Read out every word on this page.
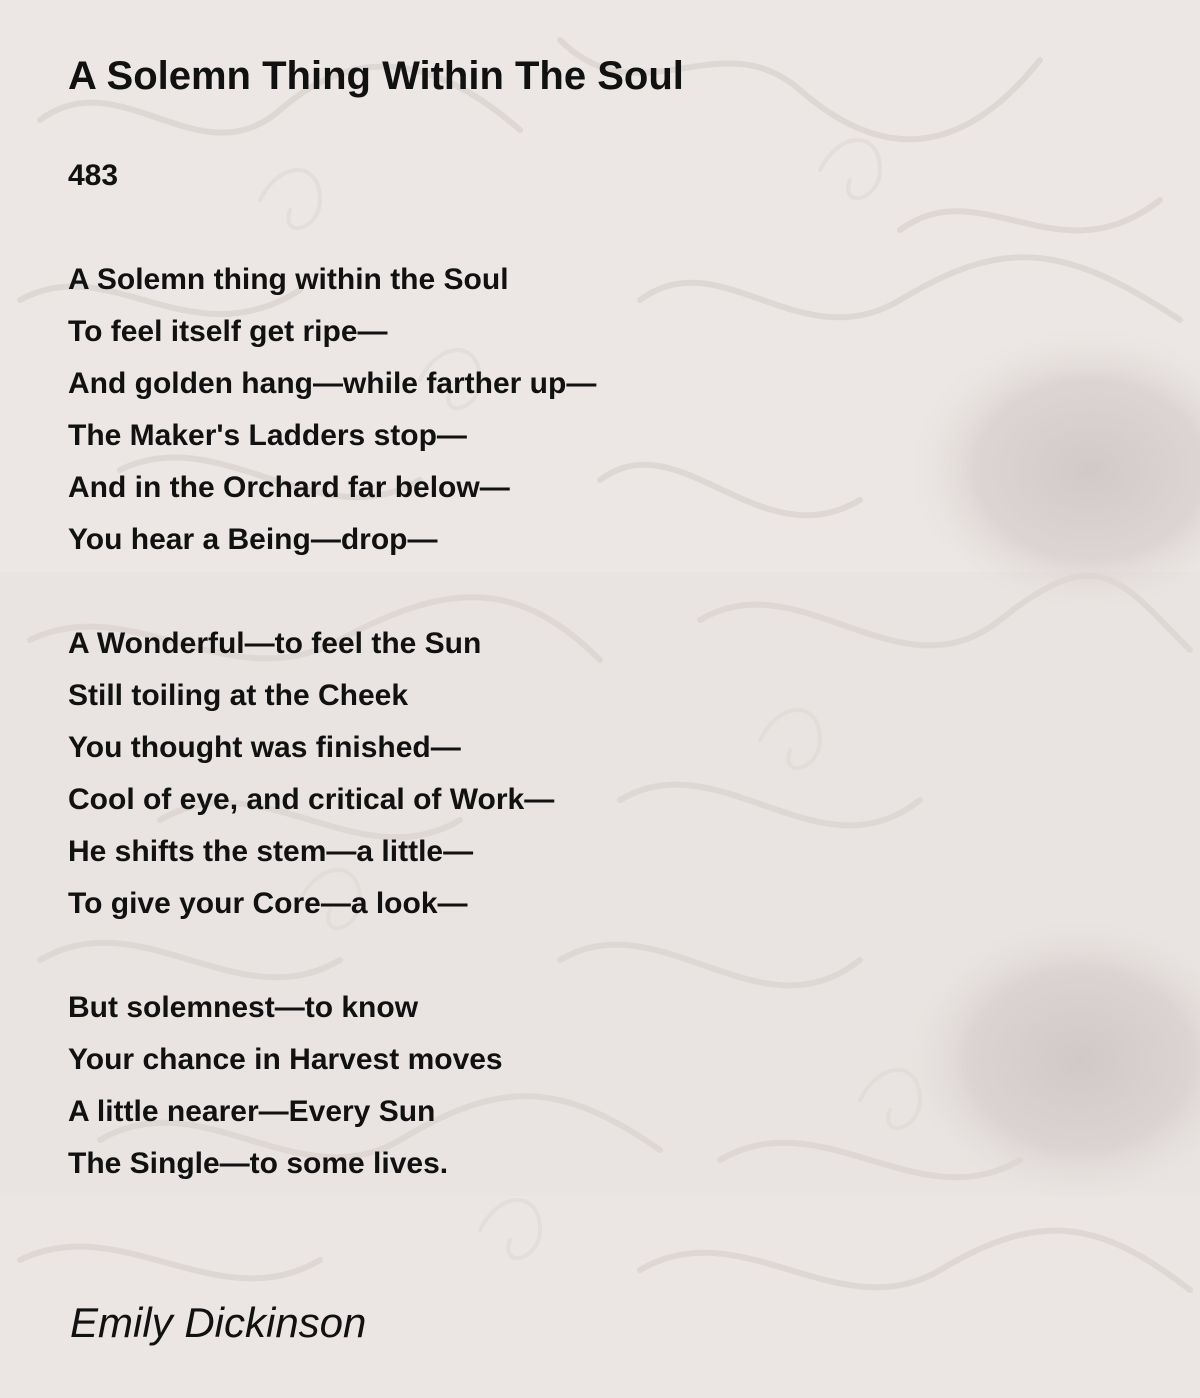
A Solemn Thing Within The Soul
483
A Solemn thing within the Soul
To feel itself get ripe—
And golden hang—while farther up—
The Maker's Ladders stop—
And in the Orchard far below—
You hear a Being—drop—
A Wonderful—to feel the Sun
Still toiling at the Cheek
You thought was finished—
Cool of eye, and critical of Work—
He shifts the stem—a little—
To give your Core—a look—
But solemnest—to know
Your chance in Harvest moves
A little nearer—Every Sun
The Single—to some lives.

Emily Dickinson
